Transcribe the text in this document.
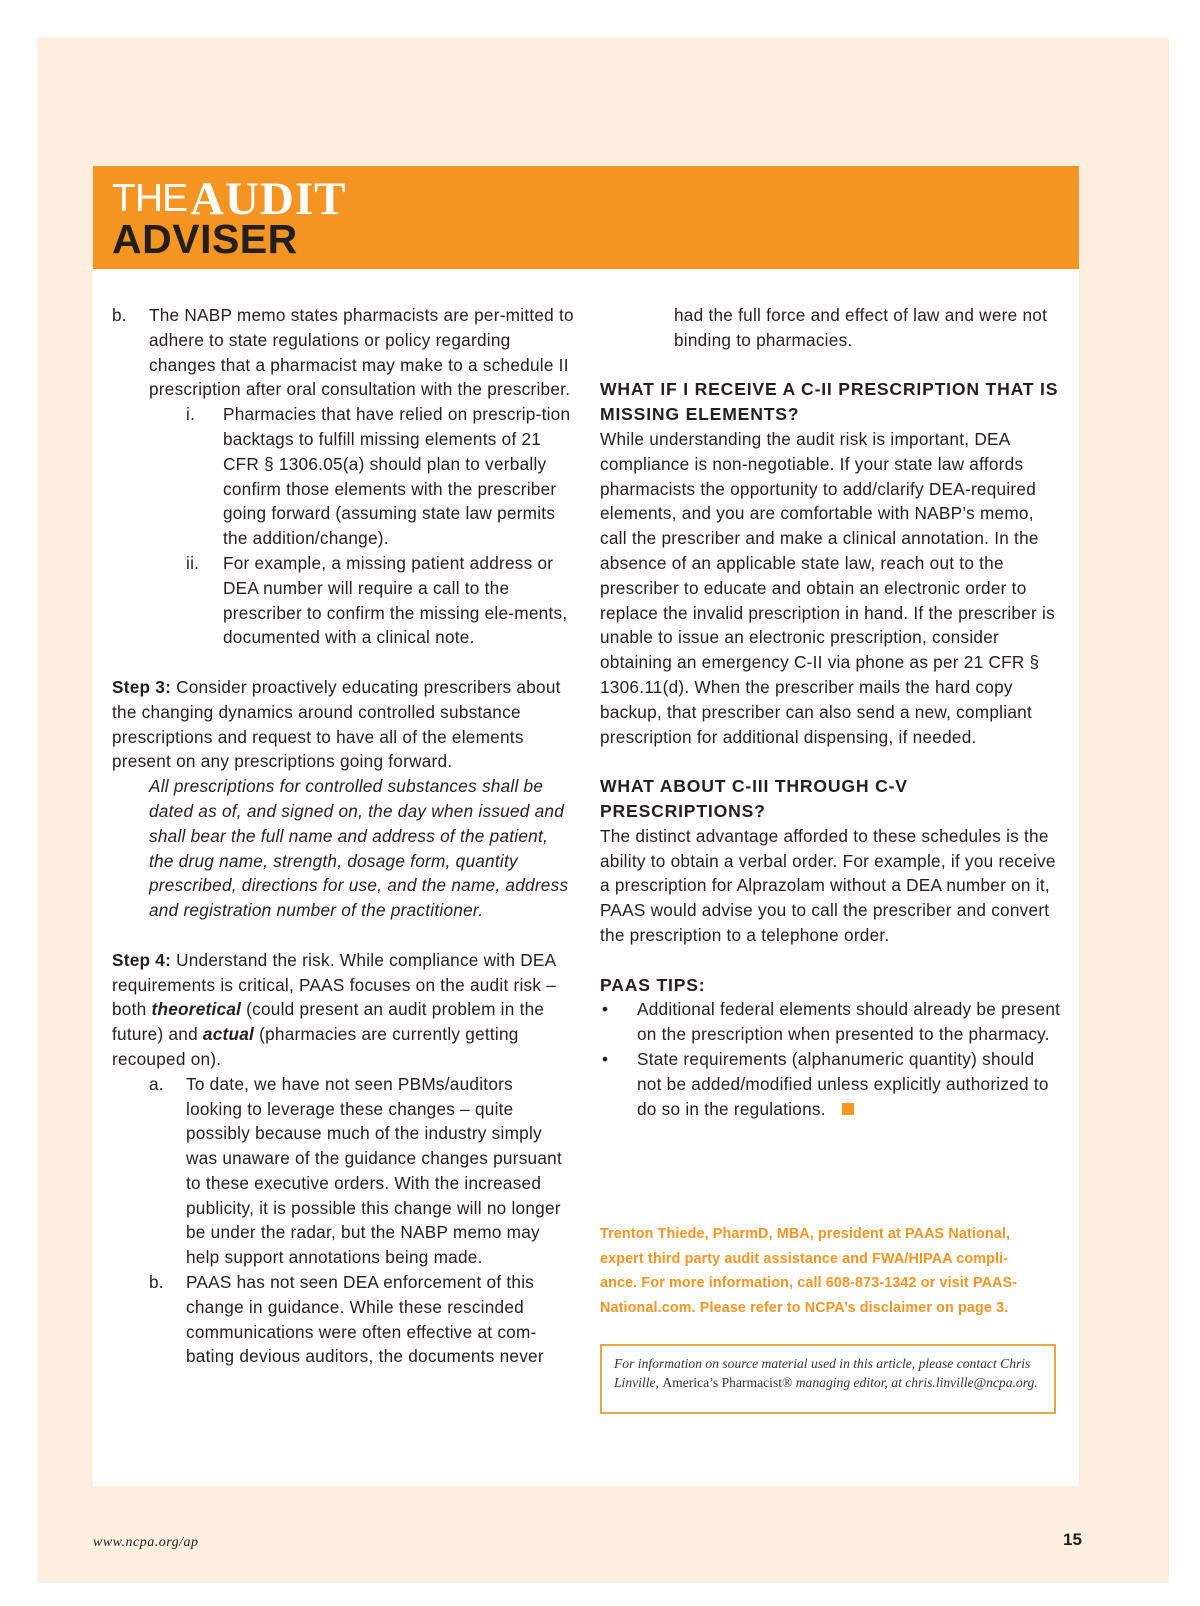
THE AUDIT
ADVISER
b. The NABP memo states pharmacists are per-mitted to adhere to state regulations or policy regarding changes that a pharmacist may make to a schedule II prescription after oral consultation with the prescriber.
i. Pharmacies that have relied on prescrip-tion backtags to fulfill missing elements of 21 CFR § 1306.05(a) should plan to verbally confirm those elements with the prescriber going forward (assuming state law permits the addition/change).
ii. For example, a missing patient address or DEA number will require a call to the prescriber to confirm the missing ele-ments, documented with a clinical note.

Step 3: Consider proactively educating prescribers about the changing dynamics around controlled substance prescriptions and request to have all of the elements present on any prescriptions going forward.

All prescriptions for controlled substances shall be dated as of, and signed on, the day when issued and shall bear the full name and address of the patient, the drug name, strength, dosage form, quantity prescribed, directions for use, and the name, address and registration number of the practitioner.

Step 4: Understand the risk. While compliance with DEA requirements is critical, PAAS focuses on the audit risk – both theoretical (could present an audit problem in the future) and actual (pharmacies are currently getting recouped on).

a. To date, we have not seen PBMs/auditors looking to leverage these changes – quite possibly because much of the industry simply was unaware of the guidance changes pursuant to these executive orders. With the increased publicity, it is possible this change will no longer be under the radar, but the NABP memo may help support annotations being made.
b. PAAS has not seen DEA enforcement of this change in guidance. While these rescinded communications were often effective at com-bating devious auditors, the documents never

had the full force and effect of law and were not binding to pharmacies.

WHAT IF I RECEIVE A C-II PRESCRIPTION THAT IS MISSING ELEMENTS?

While understanding the audit risk is important, DEA compliance is non-negotiable. If your state law affords pharmacists the opportunity to add/clarify DEA-required elements, and you are comfortable with NABP’s memo, call the prescriber and make a clinical annotation. In the absence of an applicable state law, reach out to the prescriber to educate and obtain an electronic order to replace the invalid prescription in hand. If the prescriber is unable to issue an electronic prescription, consider obtaining an emergency C-II via phone as per 21 CFR § 1306.11(d). When the prescriber mails the hard copy backup, that prescriber can also send a new, compliant prescription for additional dispensing, if needed.

WHAT ABOUT C-III THROUGH C-V PRESCRIPTIONS?

The distinct advantage afforded to these schedules is the ability to obtain a verbal order. For example, if you receive a prescription for Alprazolam without a DEA number on it, PAAS would advise you to call the prescriber and convert the prescription to a telephone order.

PAAS TIPS:

• Additional federal elements should already be present on the prescription when presented to the pharmacy.
• State requirements (alphanumeric quantity) should not be added/modified unless explicitly authorized to do so in the regulations.

Trenton Thiede, PharmD, MBA, president at PAAS National, expert third party audit assistance and FWA/HIPAA compli-ance. For more information, call 608-873-1342 or visit PAAS-National.com. Please refer to NCPA’s disclaimer on page 3.

For information on source material used in this article, please contact Chris Linville, America’s Pharmacist® managing editor, at chris.linville@ncpa.org.
www.ncpa.org/ap	15
